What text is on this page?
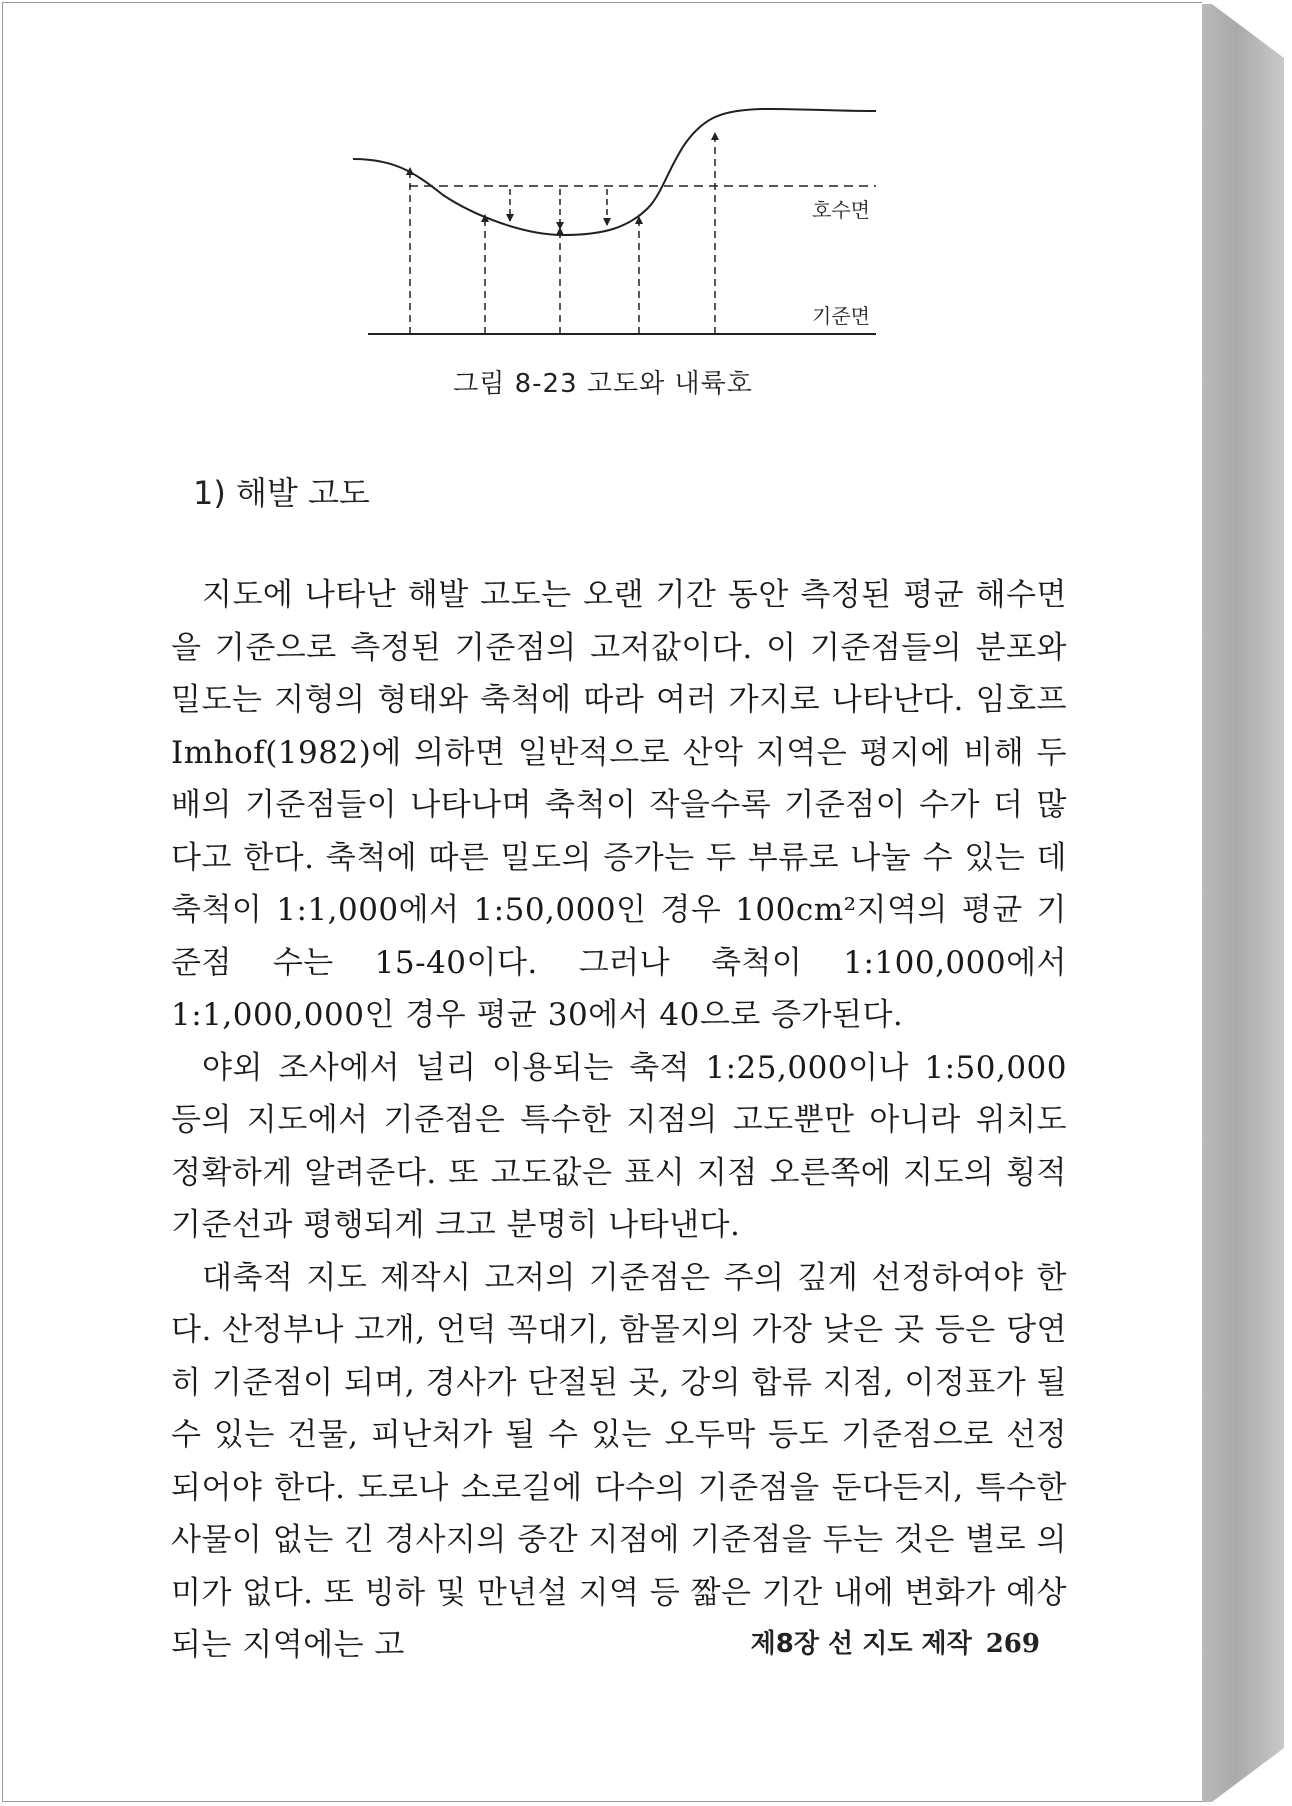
호수면
기준면
그림 8-23 고도와 내륙호
1) 해발 고도

지도에 나타난 해발 고도는 오랜 기간 동안 측정된 평균 해수면을 기준으로 측정된 기준점의 고저값이다. 이 기준점들의 분포와 밀도는 지형의 형태와 축척에 따라 여러 가지로 나타난다. 임호프Imhof(1982)에 의하면 일반적으로 산악 지역은 평지에 비해 두 배의 기준점들이 나타나며 축척이 작을수록 기준점이 수가 더 많다고 한다. 축척에 따른 밀도의 증가는 두 부류로 나눌 수 있는 데 축척이 1:1,000에서 1:50,000인 경우 100cm²지역의 평균 기준점 수는 15-40이다. 그러나 축척이 1:100,000에서 1:1,000,000인 경우 평균 30에서 40으로 증가된다.

야외 조사에서 널리 이용되는 축적 1:25,000이나 1:50,000 등의 지도에서 기준점은 특수한 지점의 고도뿐만 아니라 위치도 정확하게 알려준다. 또 고도값은 표시 지점 오른쪽에 지도의 횡적 기준선과 평행되게 크고 분명히 나타낸다.

대축적 지도 제작시 고저의 기준점은 주의 깊게 선정하여야 한다. 산정부나 고개, 언덕 꼭대기, 함몰지의 가장 낮은 곳 등은 당연히 기준점이 되며, 경사가 단절된 곳, 강의 합류 지점, 이정표가 될 수 있는 건물, 피난처가 될 수 있는 오두막 등도 기준점으로 선정되어야 한다. 도로나 소로길에 다수의 기준점을 둔다든지, 특수한 사물이 없는 긴 경사지의 중간 지점에 기준점을 두는 것은 별로 의미가 없다. 또 빙하 및 만년설 지역 등 짧은 기간 내에 변화가 예상되는 지역에는 고	제8장 선 지도 제작 269
